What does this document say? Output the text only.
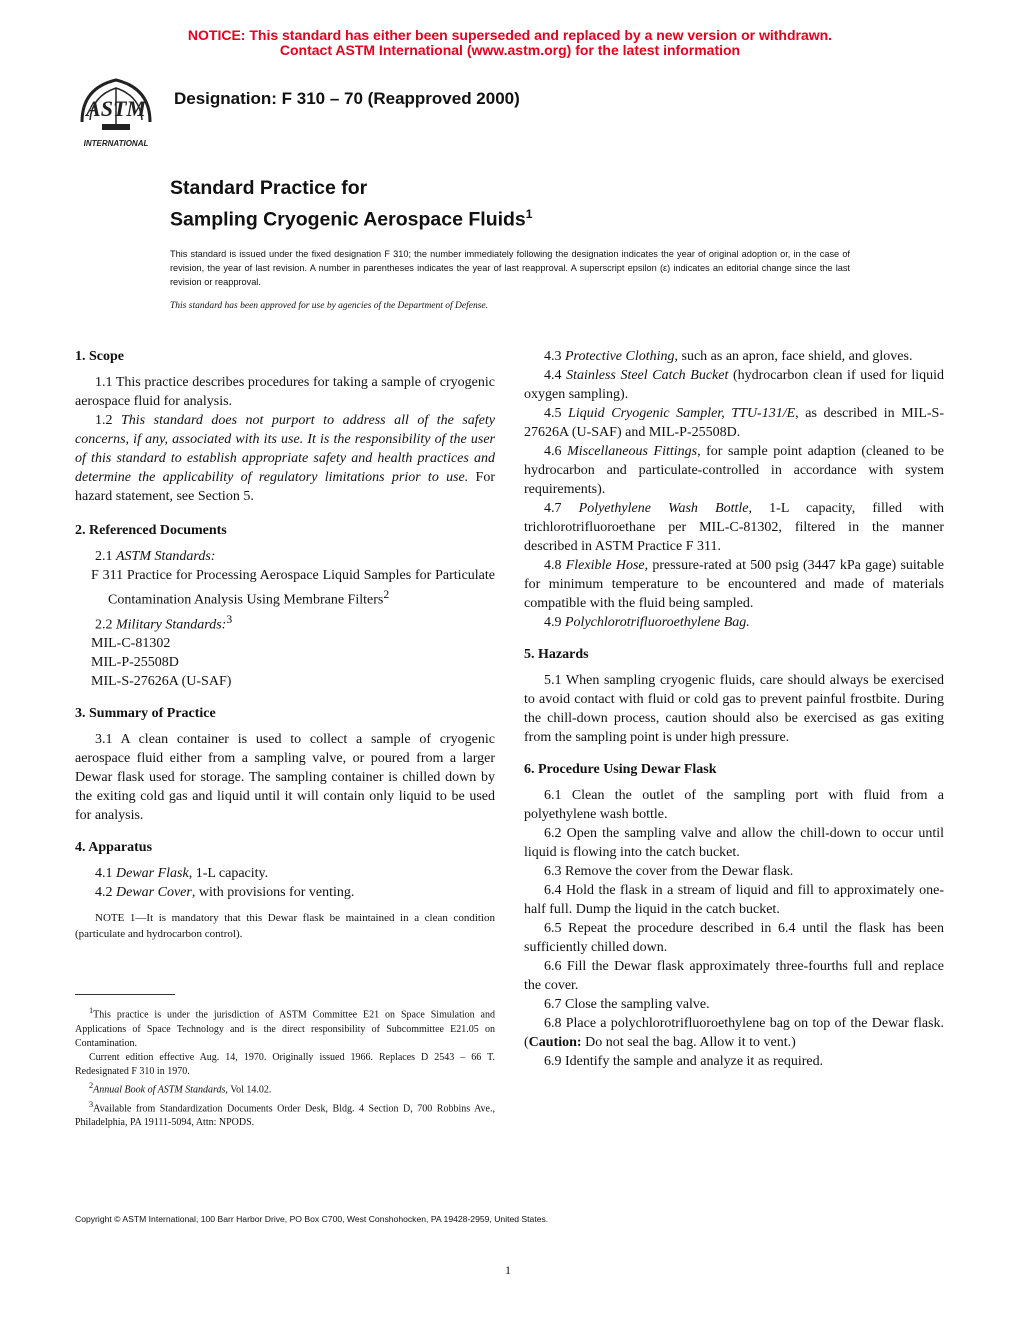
NOTICE: This standard has either been superseded and replaced by a new version or withdrawn.
Contact ASTM International (www.astm.org) for the latest information
ASTM
INTERNATIONAL
Designation: F 310 – 70 (Reapproved 2000)
Standard Practice for
Sampling Cryogenic Aerospace Fluids$^1$
This standard is issued under the fixed designation F 310; the number immediately following the designation indicates the year of original adoption or, in the case of revision, the year of last revision. A number in parentheses indicates the year of last reapproval. A superscript epsilon (ε) indicates an editorial change since the last revision or reapproval.
This standard has been approved for use by agencies of the Department of Defense.
1. Scope

1.1 This practice describes procedures for taking a sample of cryogenic aerospace fluid for analysis.

1.2 This standard does not purport to address all of the safety concerns, if any, associated with its use. It is the responsibility of the user of this standard to establish appropriate safety and health practices and determine the applicability of regulatory limitations prior to use. For hazard statement, see Section 5.

2. Referenced Documents

2.1 ASTM Standards:

F 311 Practice for Processing Aerospace Liquid Samples for Particulate Contamination Analysis Using Membrane Filters$^2$

2.2 Military Standards:$^3$

MIL-C-81302

MIL-P-25508D

MIL-S-27626A (U-SAF)

3. Summary of Practice

3.1 A clean container is used to collect a sample of cryogenic aerospace fluid either from a sampling valve, or poured from a larger Dewar flask used for storage. The sampling container is chilled down by the exiting cold gas and liquid until it will contain only liquid to be used for analysis.

4. Apparatus

4.1 Dewar Flask, 1-L capacity.

4.2 Dewar Cover, with provisions for venting.

NOTE 1—It is mandatory that this Dewar flask be maintained in a clean condition (particulate and hydrocarbon control).

$^1$This practice is under the jurisdiction of ASTM Committee E21 on Space Simulation and Applications of Space Technology and is the direct responsibility of Subcommittee E21.05 on Contamination.

Current edition effective Aug. 14, 1970. Originally issued 1966. Replaces D 2543 – 66 T. Redesignated F 310 in 1970.

$^2$Annual Book of ASTM Standards, Vol 14.02.

$^3$Available from Standardization Documents Order Desk, Bldg. 4 Section D, 700 Robbins Ave., Philadelphia, PA 19111-5094, Attn: NPODS.

4.3 Protective Clothing, such as an apron, face shield, and gloves.

4.4 Stainless Steel Catch Bucket (hydrocarbon clean if used for liquid oxygen sampling).

4.5 Liquid Cryogenic Sampler, TTU-131/E, as described in MIL-S-27626A (U-SAF) and MIL-P-25508D.

4.6 Miscellaneous Fittings, for sample point adaption (cleaned to be hydrocarbon and particulate-controlled in accordance with system requirements).

4.7 Polyethylene Wash Bottle, 1-L capacity, filled with trichlorotrifluoroethane per MIL-C-81302, filtered in the manner described in ASTM Practice F 311.

4.8 Flexible Hose, pressure-rated at 500 psig (3447 kPa gage) suitable for minimum temperature to be encountered and made of materials compatible with the fluid being sampled.

4.9 Polychlorotrifluoroethylene Bag.

5. Hazards

5.1 When sampling cryogenic fluids, care should always be exercised to avoid contact with fluid or cold gas to prevent painful frostbite. During the chill-down process, caution should also be exercised as gas exiting from the sampling point is under high pressure.

6. Procedure Using Dewar Flask

6.1 Clean the outlet of the sampling port with fluid from a polyethylene wash bottle.

6.2 Open the sampling valve and allow the chill-down to occur until liquid is flowing into the catch bucket.

6.3 Remove the cover from the Dewar flask.

6.4 Hold the flask in a stream of liquid and fill to approximately one-half full. Dump the liquid in the catch bucket.

6.5 Repeat the procedure described in 6.4 until the flask has been sufficiently chilled down.

6.6 Fill the Dewar flask approximately three-fourths full and replace the cover.

6.7 Close the sampling valve.

6.8 Place a polychlorotrifluoroethylene bag on top of the Dewar flask. (Caution: Do not seal the bag. Allow it to vent.)

6.9 Identify the sample and analyze it as required.

Copyright © ASTM International, 100 Barr Harbor Drive, PO Box C700, West Conshohocken, PA 19428-2959, United States.
1
